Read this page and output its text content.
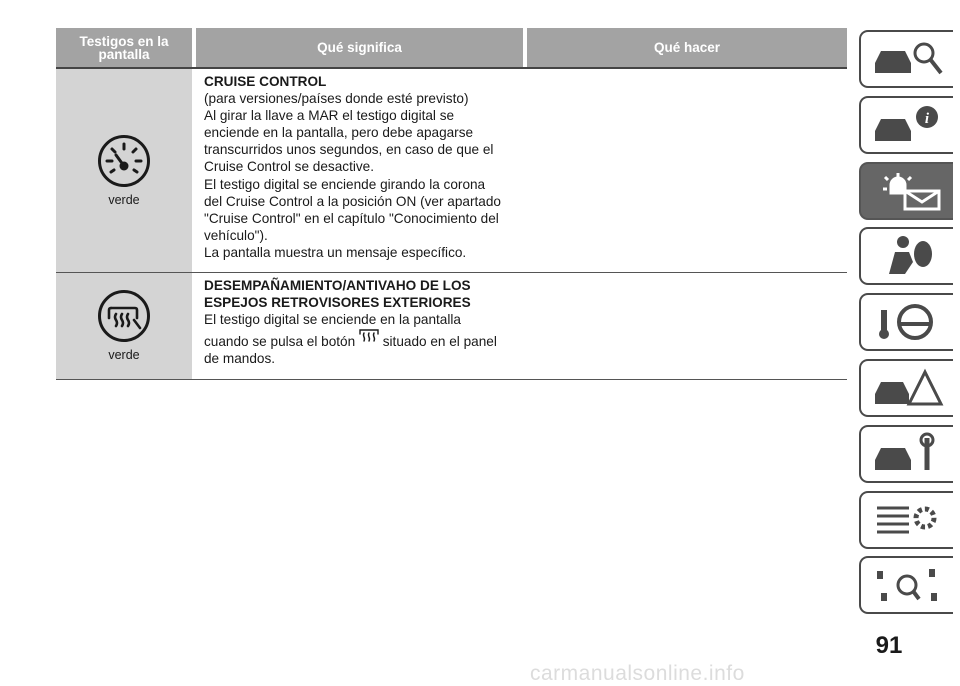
Testigos en la pantalla	Qué significa	Qué hacer
verde
CRUISE CONTROL
(para versiones/países donde esté previsto)
Al girar la llave a MAR el testigo digital se
enciende en la pantalla, pero debe apagarse
transcurridos unos segundos, en caso de que el
Cruise Control se desactive.
El testigo digital se enciende girando la corona
del Cruise Control a la posición ON (ver apartado
"Cruise Control" en el capítulo "Conocimiento del
vehículo").
La pantalla muestra un mensaje específico.
verde
DESEMPAÑAMIENTO/ANTIVAHO DE LOS
ESPEJOS RETROVISORES EXTERIORES
El testigo digital se enciende en la pantalla
cuando se pulsa el botón situado en el panel
de mandos.
i
91
carmanualsonline.info
